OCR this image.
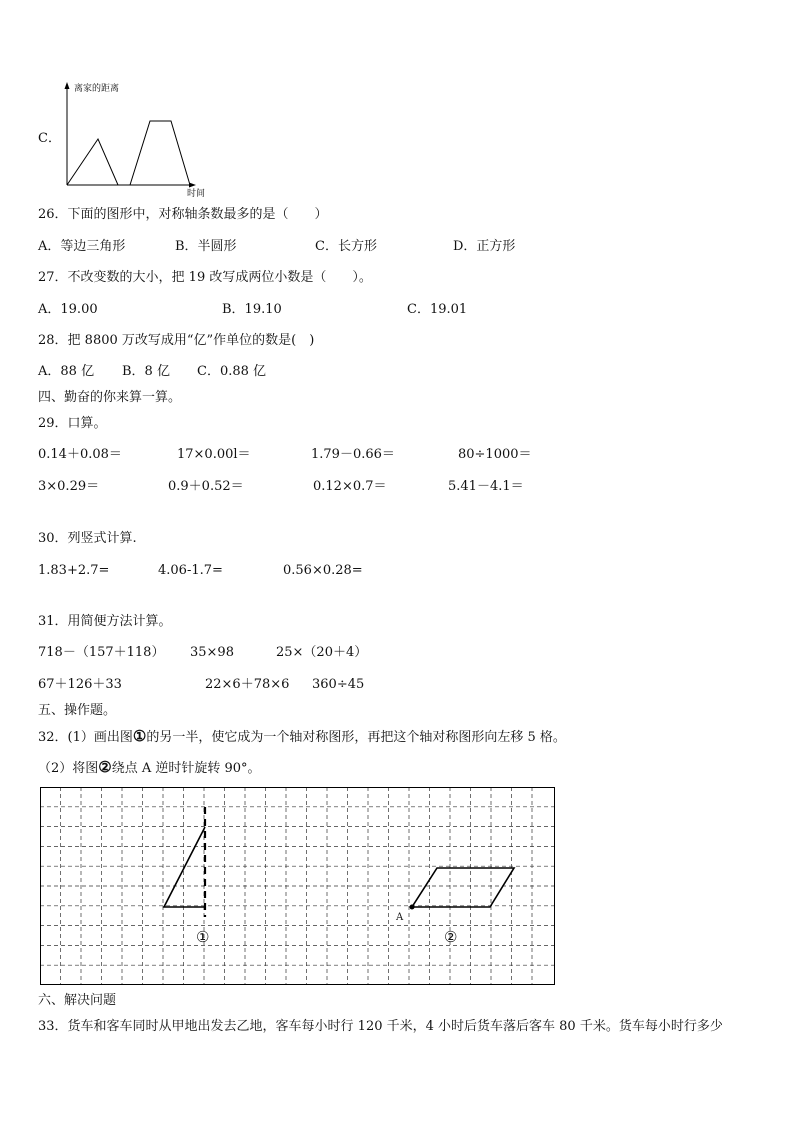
C．
离家的距离
时间
26．下面的图形中，对称轴条数最多的是（　　）
A．等边三角形	B．半圆形	C．长方形	D．正方形
27．不改变数的大小，把 19 改写成两位小数是（　　）。
A．19.00	B．19.10	C．19.01
28．把 8800 万改写成用“亿”作单位的数是(　)
A．88 亿 B．8 亿 C．0.88 亿
四、勤奋的你来算一算。
29．口算。
0.14＋0.08＝	17×0.00l＝	1.79－0.66＝	80÷1000＝
3×0.29＝	0.9＋0.52＝	0.12×0.7＝	5.41－4.1＝
30．列竖式计算.
1.83+2.7=	4.06-1.7=	0.56×0.28=
31．用简便方法计算。
718－（157＋118） 35×98	25×（20＋4）
67＋126＋33	22×6＋78×6 360÷45
五、操作题。
32．(1）画出图①的另一半，使它成为一个轴对称图形，再把这个轴对称图形向左移 5 格。
（2）将图②绕点 A 逆时针旋转 90°。
A
①	②
六、解决问题
33．货车和客车同时从甲地出发去乙地，客车每小时行 120 千米，4 小时后货车落后客车 80 千米。货车每小时行多少
